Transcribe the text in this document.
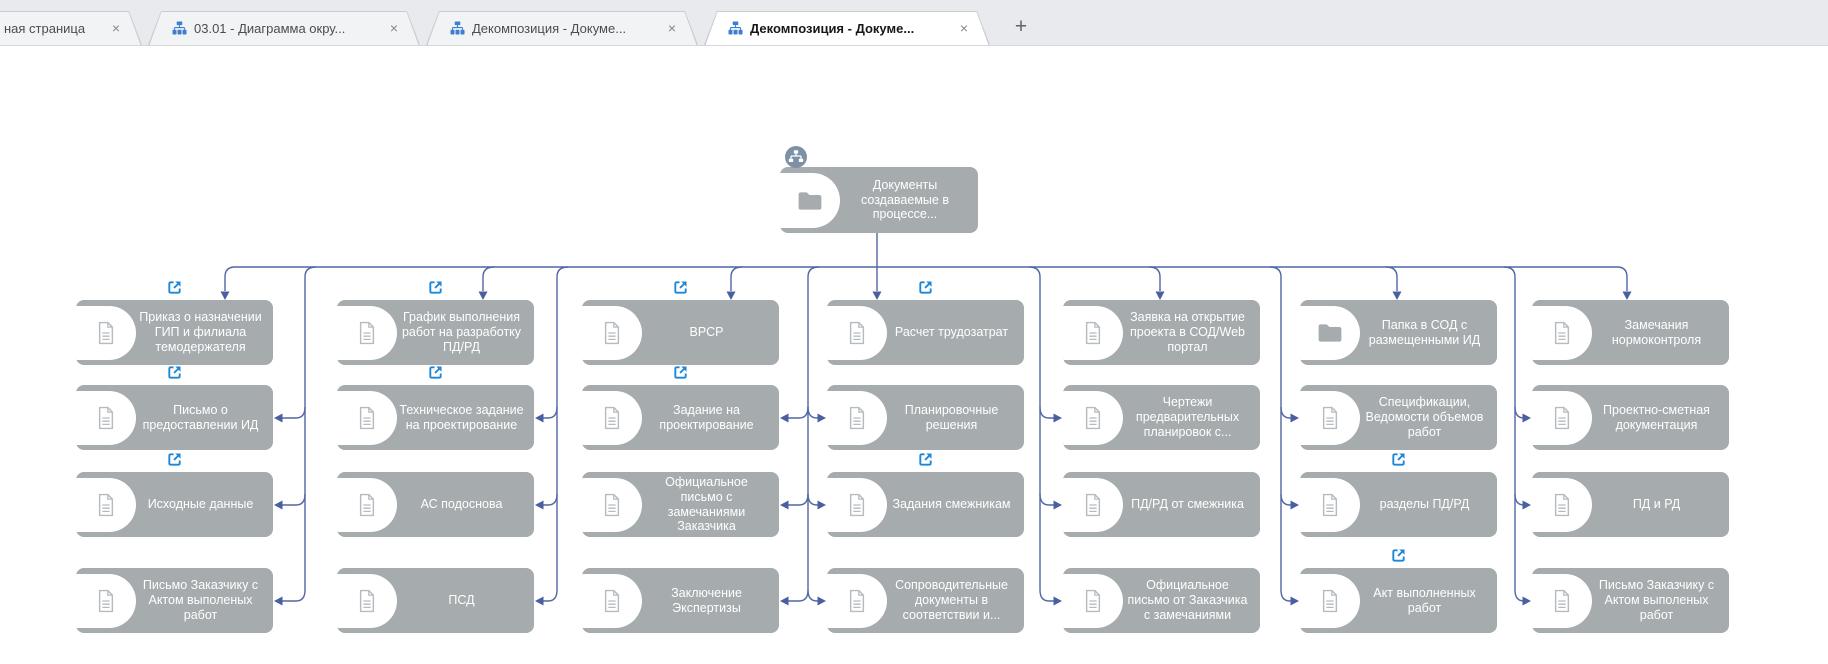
Документы создаваемые в процессе...
Приказ о назначении ГИП и филиала темодержателя
Письмо о предоставлении ИД
Исходные данные
Письмо Заказчику с Актом выполеных работ
График выполнения работ на разработку ПД/РД
Техническое задание на проектирование
АС подоснова
ПСД
ВРСР
Задание на проектирование
Официальное письмо с замечаниями Заказчика
Заключение Экспертизы
Расчет трудозатрат
Планировочные решения
Задания смежникам
Сопроводительные документы в соответствии и...
Заявка на открытие проекта в СОД/Web портал
Чертежи предварительных планировок с...
ПД/РД от смежника
Официальное письмо от Заказчика с замечаниями
Папка в СОД с размещенными ИД
Спецификации, Ведомости объемов работ
разделы ПД/РД
Акт выполненных работ
Замечания нормоконтроля
Проектно-сметная документация
ПД и РД
Письмо Заказчику с Актом выполеных работ
ная страница	×	03.01 - Диаграмма окру...	×	Декомпозиция - Докуме...	×	Декомпозиция - Докуме...	×	+
